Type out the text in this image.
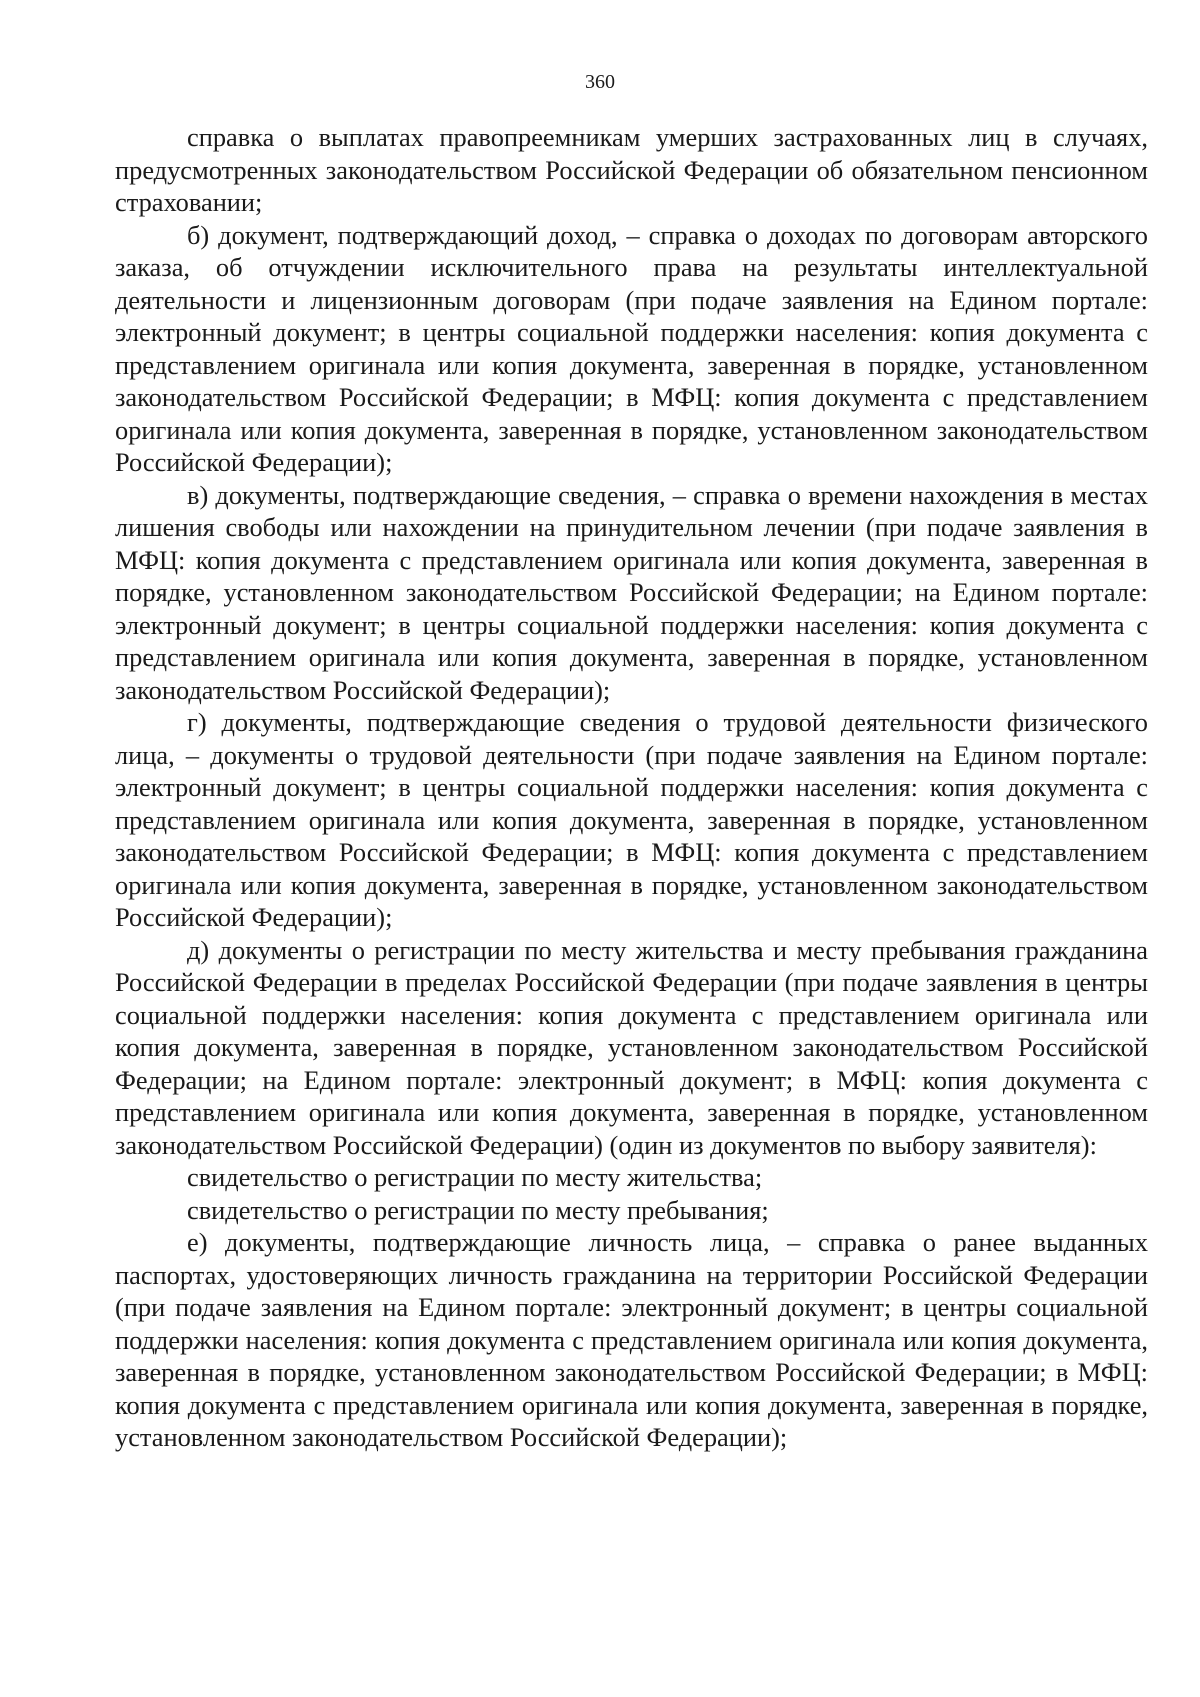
360

справка о выплатах правопреемникам умерших застрахованных лиц в случаях, предусмотренных законодательством Российской Федерации об обязательном пенсионном страховании;

б) документ, подтверждающий доход, – справка о доходах по договорам авторского заказа, об отчуждении исключительного права на результаты интеллектуальной деятельности и лицензионным договорам (при подаче заявления на Едином портале: электронный документ; в центры социальной поддержки населения: копия документа с представлением оригинала или копия документа, заверенная в порядке, установленном законодательством Российской Федерации; в МФЦ: копия документа с представлением оригинала или копия документа, заверенная в порядке, установленном законодательством Российской Федерации);

в) документы, подтверждающие сведения, – справка о времени нахождения в местах лишения свободы или нахождении на принудительном лечении (при подаче заявления в МФЦ: копия документа с представлением оригинала или копия документа, заверенная в порядке, установленном законодательством Российской Федерации; на Едином портале: электронный документ; в центры социальной поддержки населения: копия документа с представлением оригинала или копия документа, заверенная в порядке, установленном законодательством Российской Федерации);

г) документы, подтверждающие сведения о трудовой деятельности физического лица, – документы о трудовой деятельности (при подаче заявления на Едином портале: электронный документ; в центры социальной поддержки населения: копия документа с представлением оригинала или копия документа, заверенная в порядке, установленном законодательством Российской Федерации; в МФЦ: копия документа с представлением оригинала или копия документа, заверенная в порядке, установленном законодательством Российской Федерации);

д) документы о регистрации по месту жительства и месту пребывания гражданина Российской Федерации в пределах Российской Федерации (при подаче заявления в центры социальной поддержки населения: копия документа с представлением оригинала или копия документа, заверенная в порядке, установленном законодательством Российской Федерации; на Едином портале: электронный документ; в МФЦ: копия документа с представлением оригинала или копия документа, заверенная в порядке, установленном законодательством Российской Федерации) (один из документов по выбору заявителя):

свидетельство о регистрации по месту жительства;

свидетельство о регистрации по месту пребывания;

е) документы, подтверждающие личность лица, – справка о ранее выданных паспортах, удостоверяющих личность гражданина на территории Российской Федерации (при подаче заявления на Едином портале: электронный документ; в центры социальной поддержки населения: копия документа с представлением оригинала или копия документа, заверенная в порядке, установленном законодательством Российской Федерации; в МФЦ: копия документа с представлением оригинала или копия документа, заверенная в порядке, установленном законодательством Российской Федерации);
